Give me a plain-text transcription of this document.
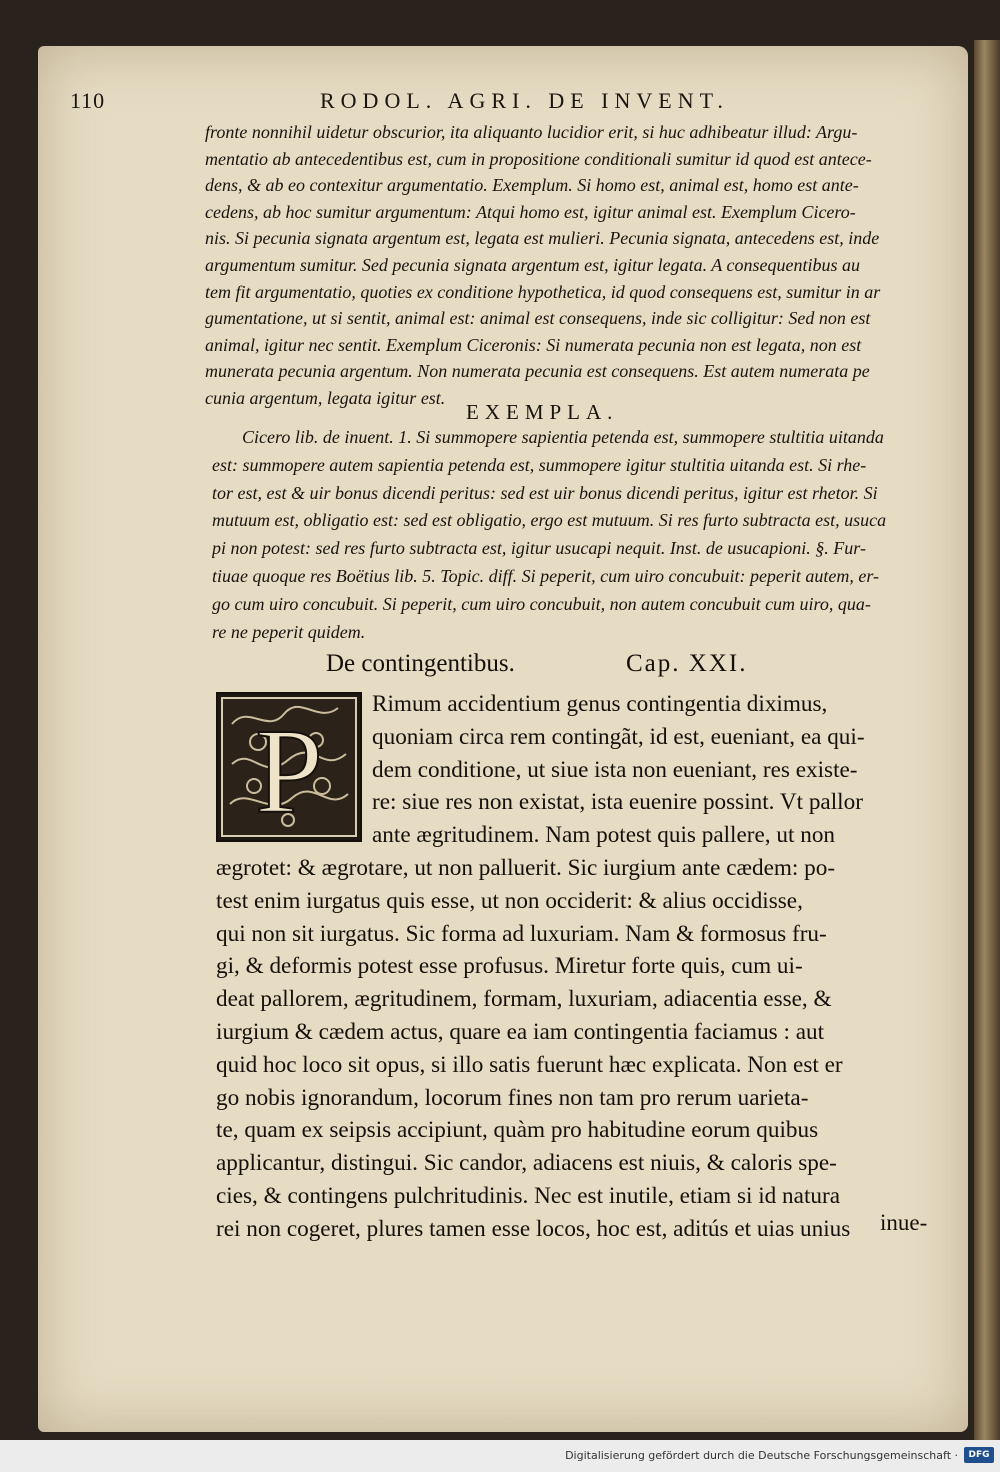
110	RODOL. AGRI. DE INVENT.

fronte nonnihil uidetur obscurior, ita aliquanto lucidior erit, si huc adhibeatur illud: Argu-

mentatio ab antecedentibus est, cum in propositione conditionali sumitur id quod est antece-

dens, & ab eo contexitur argumentatio. Exemplum. Si homo est, animal est, homo est ante-

cedens, ab hoc sumitur argumentum: Atqui homo est, igitur animal est. Exemplum Cicero-

nis. Si pecunia signata argentum est, legata est mulieri. Pecunia signata, antecedens est, inde

argumentum sumitur. Sed pecunia signata argentum est, igitur legata. A consequentibus au

tem fit argumentatio, quoties ex conditione hypothetica, id quod consequens est, sumitur in ar

gumentatione, ut si sentit, animal est: animal est consequens, inde sic colligitur: Sed non est

animal, igitur nec sentit. Exemplum Ciceronis: Si numerata pecunia non est legata, non est

munerata pecunia argentum. Non numerata pecunia est consequens. Est autem numerata pe

cunia argentum, legata igitur est.

EXEMPLA.

Cicero lib. de inuent. 1. Si summopere sapientia petenda est, summopere stultitia uitanda

est: summopere autem sapientia petenda est, summopere igitur stultitia uitanda est. Si rhe-

tor est, est & uir bonus dicendi peritus: sed est uir bonus dicendi peritus, igitur est rhetor. Si

mutuum est, obligatio est: sed est obligatio, ergo est mutuum. Si res furto subtracta est, usuca

pi non potest: sed res furto subtracta est, igitur usucapi nequit. Inst. de usucapioni. §. Fur-

tiuae quoque res Boëtius lib. 5. Topic. diff. Si peperit, cum uiro concubuit: peperit autem, er-

go cum uiro concubuit. Si peperit, cum uiro concubuit, non autem concubuit cum uiro, qua-

re ne peperit quidem.

De contingentibus.	Cap. XXI.
P	Rimum accidentium genus contingentia diximus,

quoniam circa rem contingãt, id est, eueniant, ea qui-

dem conditione, ut siue ista non eueniant, res existe-

re: siue res non existat, ista euenire possint. Vt pallor

ante ægritudinem. Nam potest quis pallere, ut non

ægrotet: & ægrotare, ut non palluerit. Sic iurgium ante cædem: po-

test enim iurgatus quis esse, ut non occiderit: & alius occidisse,

qui non sit iurgatus. Sic forma ad luxuriam. Nam & formosus fru-

gi, & deformis potest esse profusus. Miretur forte quis, cum ui-

deat pallorem, ægritudinem, formam, luxuriam, adiacentia esse, &

iurgium & cædem actus, quare ea iam contingentia faciamus : aut

quid hoc loco sit opus, si illo satis fuerunt hæc explicata. Non est er

go nobis ignorandum, locorum fines non tam pro rerum uarieta-

te, quam ex seipsis accipiunt, quàm pro habitudine eorum quibus

applicantur, distingui. Sic candor, adiacens est niuis, & caloris spe-

cies, & contingens pulchritudinis. Nec est inutile, etiam si id natura

rei non cogeret, plures tamen esse locos, hoc est, aditús et uias unius	inue-
Digitalisierung gefördert durch die Deutsche Forschungsgemeinschaft ·	DFG
